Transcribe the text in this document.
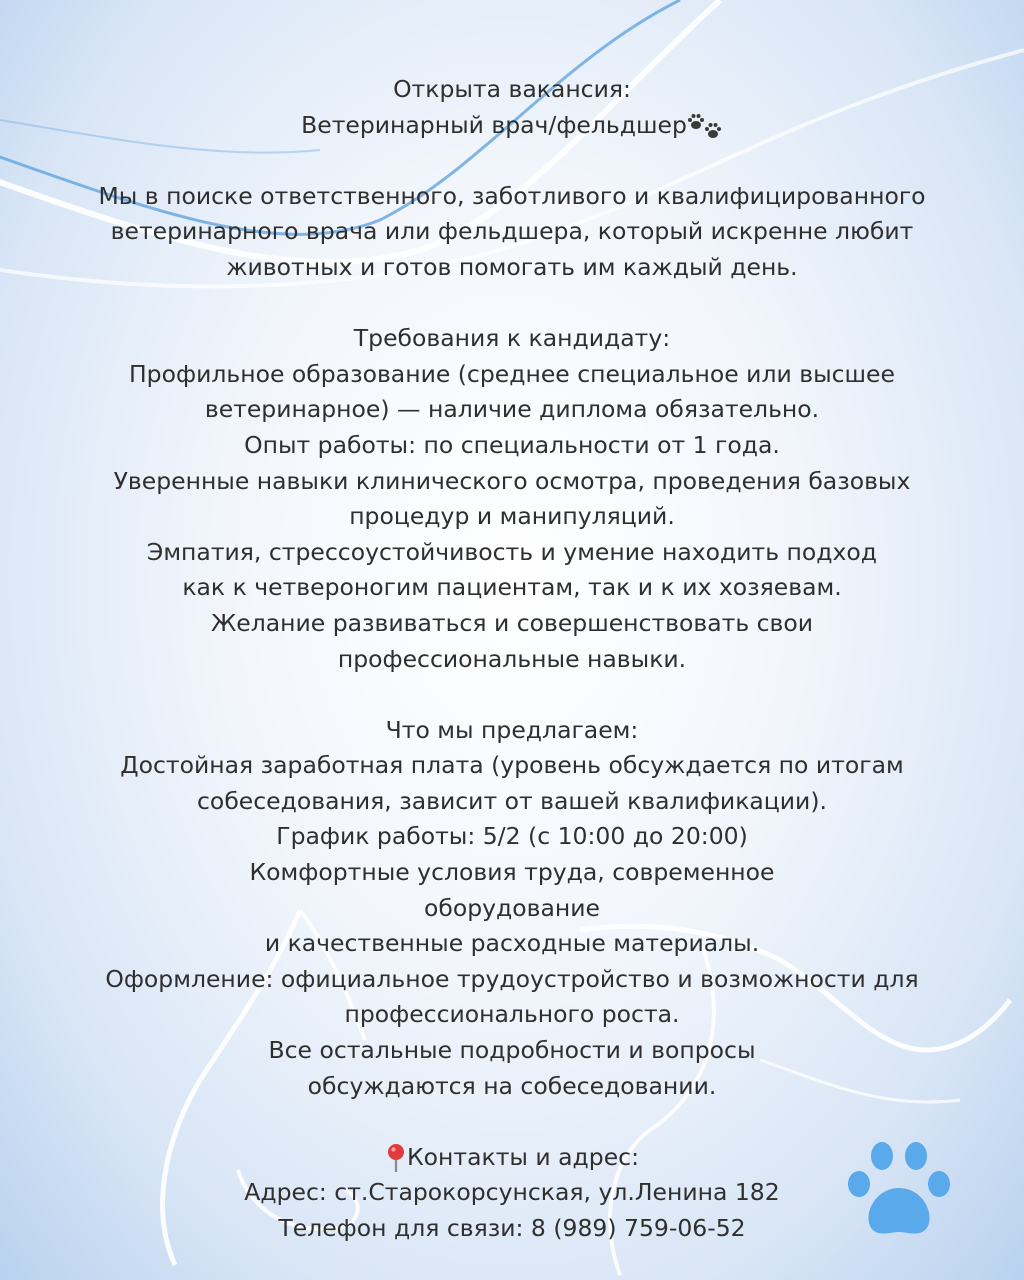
Открыта вакансия:

Ветеринарный врач/фельдшер

Мы в поиске ответственного, заботливого и квалифицированного

ветеринарного врача или фельдшера, который искренне любит

животных и готов помогать им каждый день.

Требования к кандидату:

Профильное образование (среднее специальное или высшее

ветеринарное) — наличие диплома обязательно.

Опыт работы: по специальности от 1 года.

Уверенные навыки клинического осмотра, проведения базовых

процедур и манипуляций.

Эмпатия, стрессоустойчивость и умение находить подход

как к четвероногим пациентам, так и к их хозяевам.

Желание развиваться и совершенствовать свои

профессиональные навыки.

Что мы предлагаем:

Достойная заработная плата (уровень обсуждается по итогам

собеседования, зависит от вашей квалификации).

График работы: 5/2 (с 10:00 до 20:00)

Комфортные условия труда, современное

оборудование

и качественные расходные материалы.

Оформление: официальное трудоустройство и возможности для

профессионального роста.

Все остальные подробности и вопросы

обсуждаются на собеседовании.

Контакты и адрес:

Адрес: ст.Старокорсунская, ул.Ленина 182

Телефон для связи: 8 (989) 759-06-52
